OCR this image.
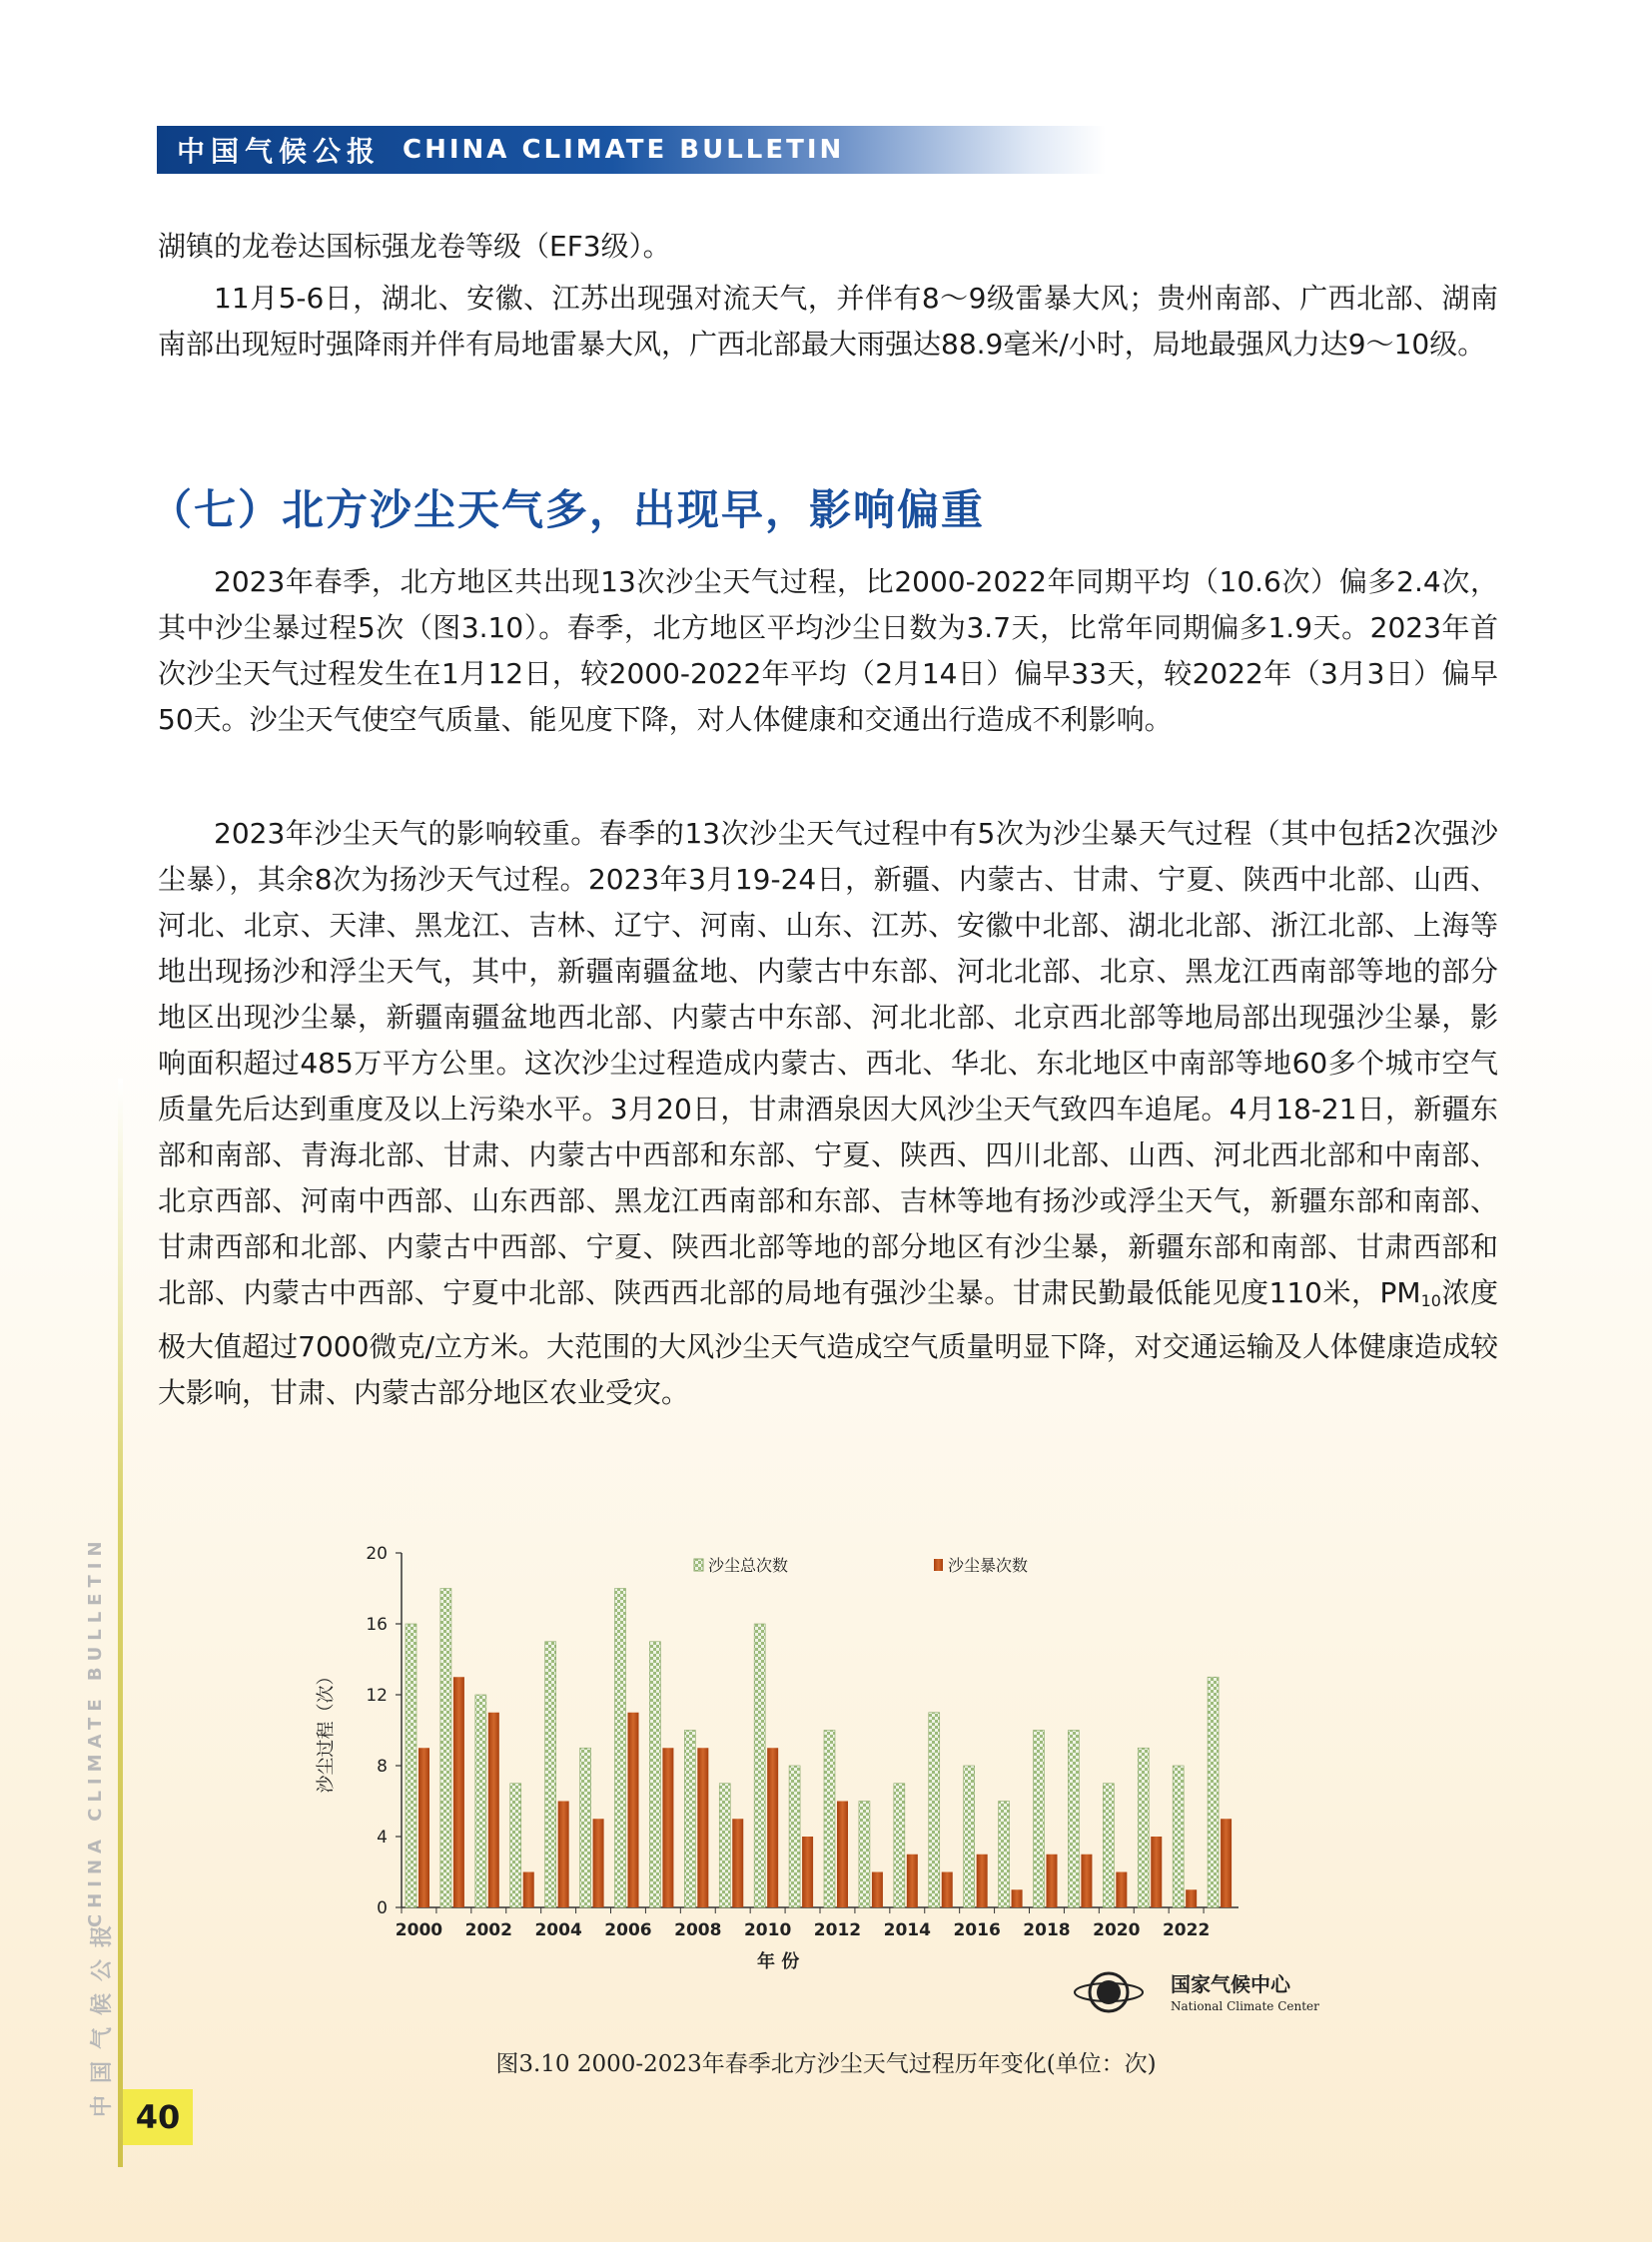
中国气候公报 CHINA CLIMATE BULLETIN
CHINA CLIMATE BULLETIN
中国气候公报 40

湖镇的龙卷达国标强龙卷等级（EF3级）。

11月5-6日，湖北、安徽、江苏出现强对流天气，并伴有8～9级雷暴大风；贵州南部、广西北部、湖南南部出现短时强降雨并伴有局地雷暴大风，广西北部最大雨强达88.9毫米/小时，局地最强风力达9～10级。

（七）北方沙尘天气多，出现早，影响偏重

2023年春季，北方地区共出现13次沙尘天气过程，比2000-2022年同期平均（10.6次）偏多2.4次，其中沙尘暴过程5次（图3.10）。春季，北方地区平均沙尘日数为3.7天，比常年同期偏多1.9天。2023年首次沙尘天气过程发生在1月12日，较2000-2022年平均（2月14日）偏早33天，较2022年（3月3日）偏早50天。沙尘天气使空气质量、能见度下降，对人体健康和交通出行造成不利影响。

2023年沙尘天气的影响较重。春季的13次沙尘天气过程中有5次为沙尘暴天气过程（其中包括2次强沙尘暴），其余8次为扬沙天气过程。2023年3月19-24日，新疆、内蒙古、甘肃、宁夏、陕西中北部、山西、河北、北京、天津、黑龙江、吉林、辽宁、河南、山东、江苏、安徽中北部、湖北北部、浙江北部、上海等地出现扬沙和浮尘天气，其中，新疆南疆盆地、内蒙古中东部、河北北部、北京、黑龙江西南部等地的部分地区出现沙尘暴，新疆南疆盆地西北部、内蒙古中东部、河北北部、北京西北部等地局部出现强沙尘暴，影响面积超过485万平方公里。这次沙尘过程造成内蒙古、西北、华北、东北地区中南部等地60多个城市空气质量先后达到重度及以上污染水平。3月20日，甘肃酒泉因大风沙尘天气致四车追尾。4月18-21日，新疆东部和南部、青海北部、甘肃、内蒙古中西部和东部、宁夏、陕西、四川北部、山西、河北西北部和中南部、北京西部、河南中西部、山东西部、黑龙江西南部和东部、吉林等地有扬沙或浮尘天气，新疆东部和南部、甘肃西部和北部、内蒙古中西部、宁夏、陕西北部等地的部分地区有沙尘暴，新疆东部和南部、甘肃西部和北部、内蒙古中西部、宁夏中北部、陕西西北部的局地有强沙尘暴。甘肃民勤最低能见度110米，$PM_{10}$浓度极大值超过7000微克/立方米。大范围的大风沙尘天气造成空气质量明显下降，对交通运输及人体健康造成较大影响，甘肃、内蒙古部分地区农业受灾。

0
4
8
12
16
20
沙尘过程（次）
2000 2002 2004 2006 2008 2010 2012 2014 2016 2018 2020 2022
年 份
沙尘总次数	沙尘暴次数
国家气候中心
National Climate Center
图3.10 2000-2023年春季北方沙尘天气过程历年变化(单位：次)
